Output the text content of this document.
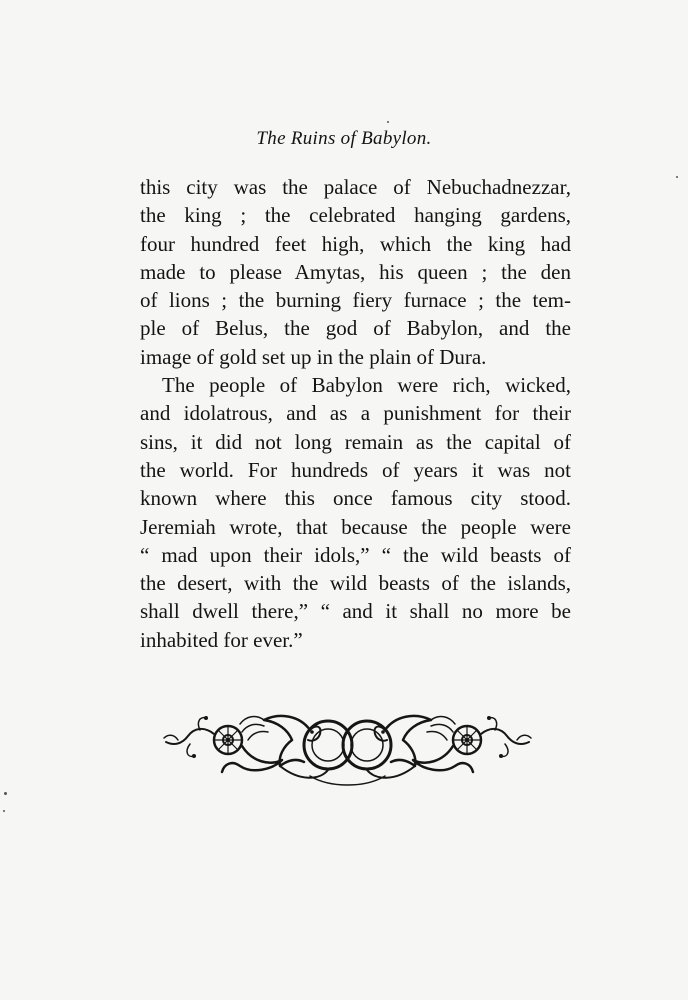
The Ruins of Babylon.
this city was the palace of Nebuchadnezzar,
the king ; the celebrated hanging gardens,
four hundred feet high, which the king had
made to please Amytas, his queen ; the den
of lions ; the burning fiery furnace ; the tem-
ple of Belus, the god of Babylon, and the
image of gold set up in the plain of Dura.
The people of Babylon were rich, wicked,
and idolatrous, and as a punishment for their
sins, it did not long remain as the capital of
the world. For hundreds of years it was not
known where this once famous city stood.
Jeremiah wrote, that because the people were
“ mad upon their idols,” “ the wild beasts of
the desert, with the wild beasts of the islands,
shall dwell there,” “ and it shall no more be
inhabited for ever.”
